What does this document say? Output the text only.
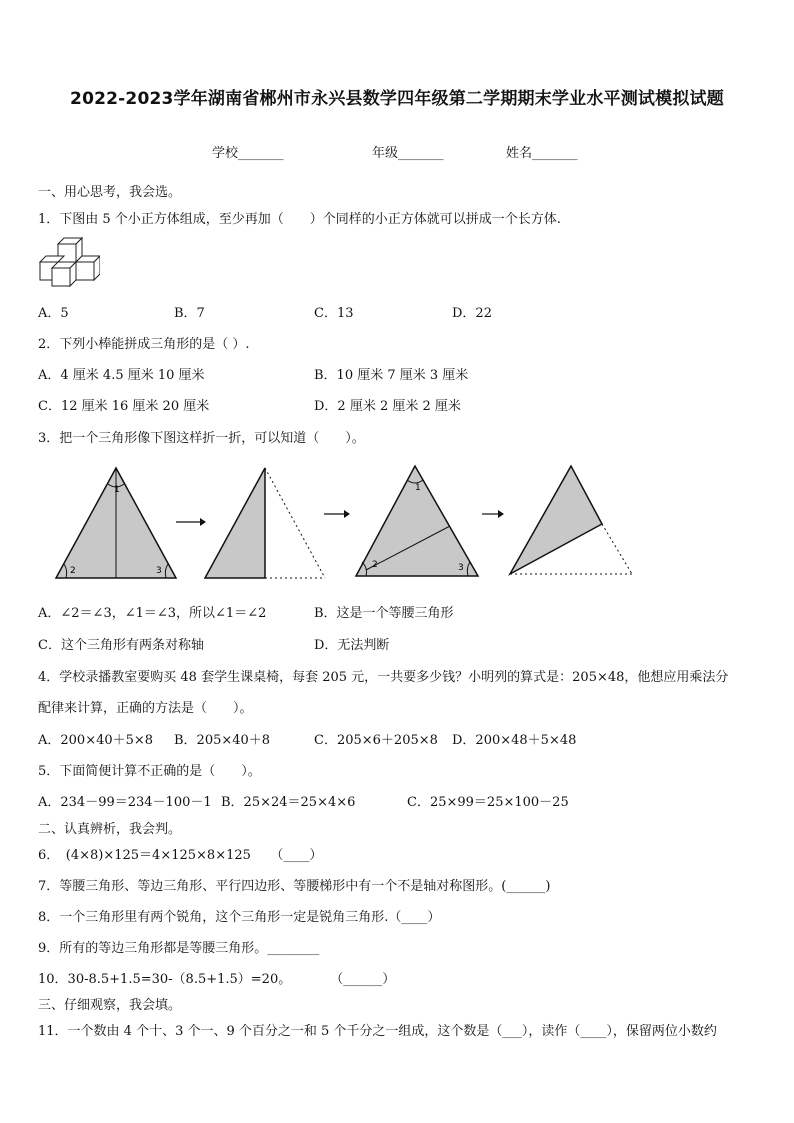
2022-2023学年湖南省郴州市永兴县数学四年级第二学期期末学业水平测试模拟试题
学校_______	年级_______	姓名_______
一、用心思考，我会选。
1．下图由 5 个小正方体组成，至少再加（　　）个同样的小正方体就可以拼成一个长方体.
A．5	B．7	C．13	D．22
2．下列小棒能拼成三角形的是（ ）.
A．4 厘米 4.5 厘米 10 厘米	B．10 厘米 7 厘米 3 厘米
C．12 厘米 16 厘米 20 厘米	D．2 厘米 2 厘米 2 厘米
3．把一个三角形像下图这样折一折，可以知道（　　）。
1
2	3
1
2	3
A．∠2＝∠3，∠1＝∠3，所以∠1＝∠2	B．这是一个等腰三角形
C．这个三角形有两条对称轴	D．无法判断
4．学校录播教室要购买 48 套学生课桌椅，每套 205 元，一共要多少钱？小明列的算式是：205×48，他想应用乘法分
配律来计算，正确的方法是（　　）。
A．200×40＋5×8 B．205×40＋8	C．205×6＋205×8 D．200×48＋5×48
5．下面简便计算不正确的是（　　）。
A．234－99＝234－100－1 B．25×24＝25×4×6	C．25×99＝25×100－25
二、认真辨析，我会判。
6．　(4×8)×125＝4×125×8×125　　（____）
7．等腰三角形、等边三角形、平行四边形、等腰梯形中有一个不是轴对称图形。(______)
8．一个三角形里有两个锐角，这个三角形一定是锐角三角形.（____）
9．所有的等边三角形都是等腰三角形。________
10．30-8.5+1.5=30-（8.5+1.5）=20。　　　　（______）
三、仔细观察，我会填。
11．一个数由 4 个十、3 个一、9 个百分之一和 5 个千分之一组成，这个数是（___），读作（____），保留两位小数约
